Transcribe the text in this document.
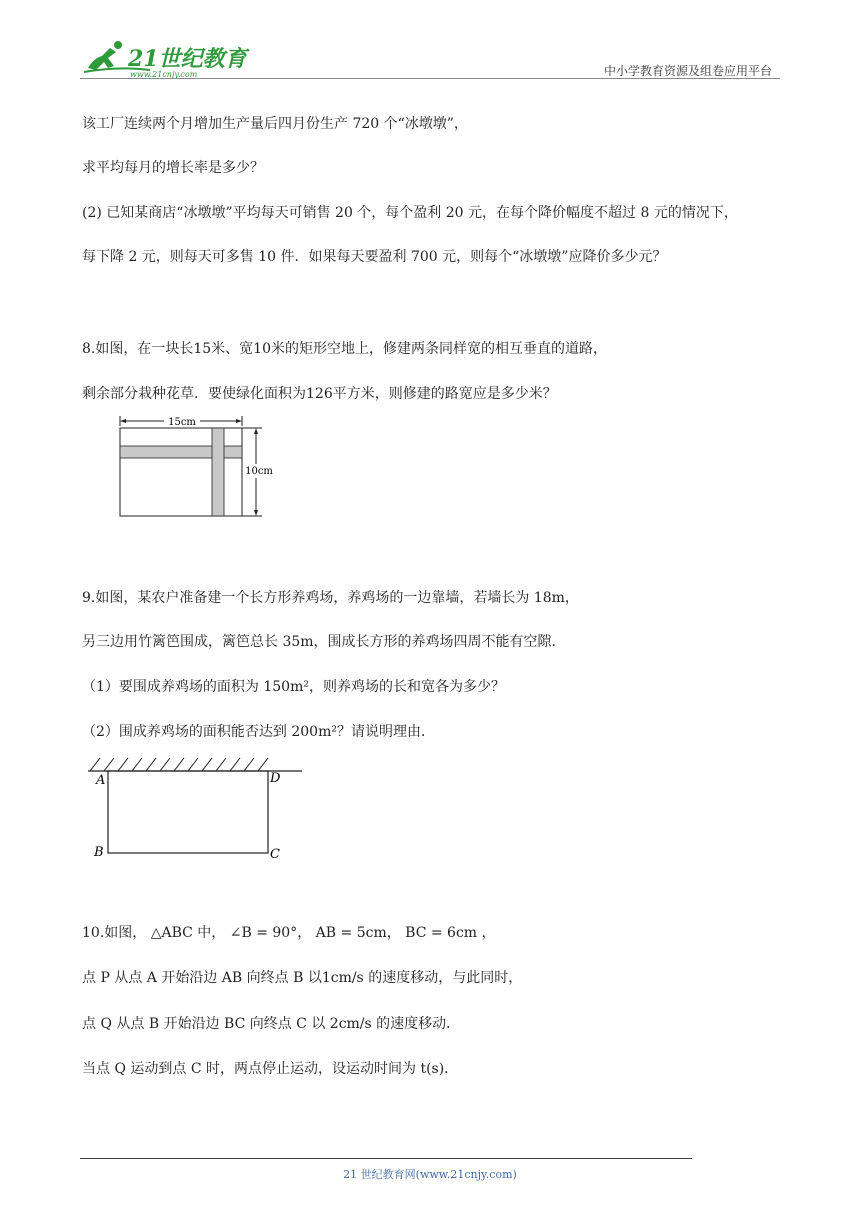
21世纪教育
www.21cnjy.com	中小学教育资源及组卷应用平台
该工厂连续两个月增加生产量后四月份生产 720 个“冰墩墩”，
求平均每月的增长率是多少？
(2) 已知某商店“冰墩墩”平均每天可销售 20 个，每个盈利 20 元，在每个降价幅度不超过 8 元的情况下，
每下降 2 元，则每天可多售 10 件．如果每天要盈利 700 元，则每个“冰墩墩”应降价多少元？
8.如图，在一块长15米、宽10米的矩形空地上，修建两条同样宽的相互垂直的道路，
剩余部分栽种花草．要使绿化面积为126平方米，则修建的路宽应是多少米？
15cm
10cm
9.如图，某农户准备建一个长方形养鸡场，养鸡场的一边靠墙，若墙长为 18m，
另三边用竹篱笆围成，篱笆总长 35m，围成长方形的养鸡场四周不能有空隙．
（1）要围成养鸡场的面积为 150m²，则养鸡场的长和宽各为多少？
（2）围成养鸡场的面积能否达到 200m²？请说明理由．
A	D
B	C
10.如图， △ABC 中， ∠B = 90°， AB = 5cm， BC = 6cm ，
点 P 从点 A 开始沿边 AB 向终点 B 以1cm/s 的速度移动，与此同时，
点 Q 从点 B 开始沿边 BC 向终点 C 以 2cm/s 的速度移动．
当点 Q 运动到点 C 时，两点停止运动，设运动时间为 t(s)．
21 世纪教育网(www.21cnjy.com)
